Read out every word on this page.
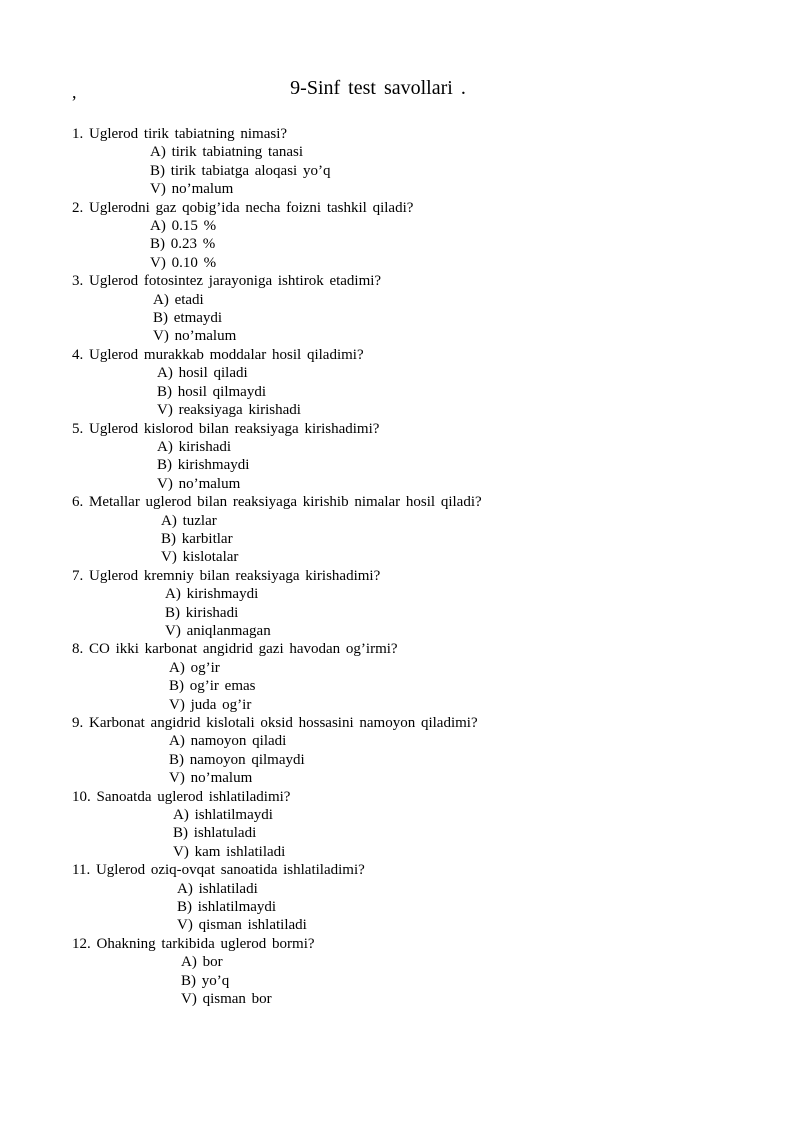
,	9-Sinf test savollari .

1. Uglerod tirik tabiatning nimasi?

A) tirik tabiatning tanasi

B) tirik tabiatga aloqasi yo’q

V) no’malum

2. Uglerodni gaz qobig’ida necha foizni tashkil qiladi?

A) 0.15 %

B) 0.23 %

V) 0.10 %

3. Uglerod fotosintez jarayoniga ishtirok etadimi?

A) etadi

B) etmaydi

V) no’malum

4. Uglerod murakkab moddalar hosil qiladimi?

A) hosil qiladi

B) hosil qilmaydi

V) reaksiyaga kirishadi

5. Uglerod kislorod bilan reaksiyaga kirishadimi?

A) kirishadi

B) kirishmaydi

V) no’malum

6. Metallar uglerod bilan reaksiyaga kirishib nimalar hosil qiladi?

A) tuzlar

B) karbitlar

V) kislotalar

7. Uglerod kremniy bilan reaksiyaga kirishadimi?

A) kirishmaydi

B) kirishadi

V) aniqlanmagan

8. CO ikki karbonat angidrid gazi havodan og’irmi?

A) og’ir

B) og’ir emas

V) juda og’ir

9. Karbonat angidrid kislotali oksid hossasini namoyon qiladimi?

A) namoyon qiladi

B) namoyon qilmaydi

V) no’malum

10. Sanoatda uglerod ishlatiladimi?

A) ishlatilmaydi

B) ishlatuladi

V) kam ishlatiladi

11. Uglerod oziq-ovqat sanoatida ishlatiladimi?

A) ishlatiladi

B) ishlatilmaydi

V) qisman ishlatiladi

12. Ohakning tarkibida uglerod bormi?

A) bor

B) yo’q

V) qisman bor
